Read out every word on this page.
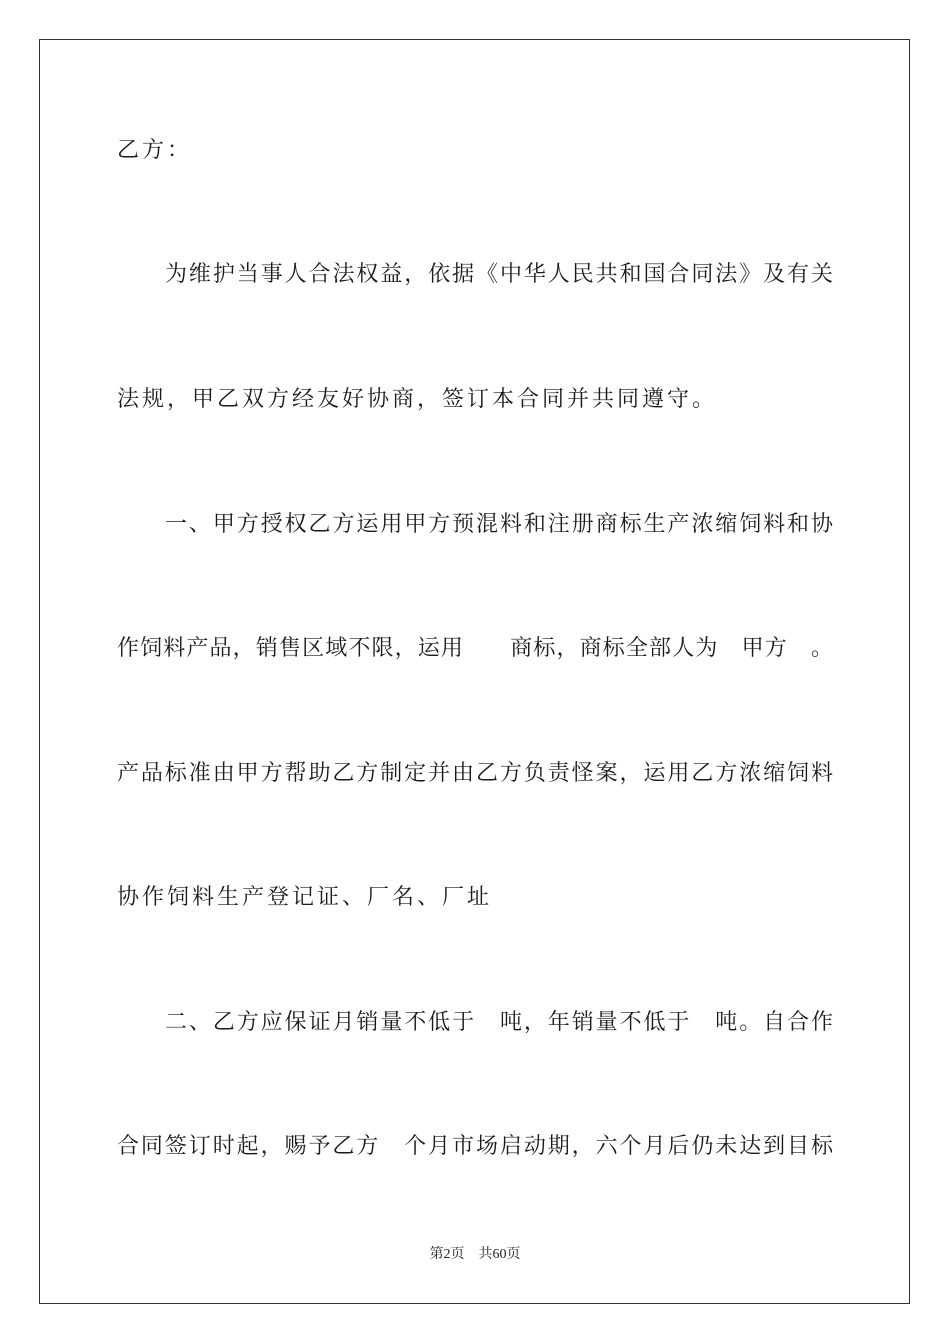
乙方：
为维护当事人合法权益，依据《中华人民共和国合同法》及有关
法规，甲乙双方经友好协商，签订本合同并共同遵守。
一、甲方授权乙方运用甲方预混料和注册商标生产浓缩饲料和协
作饲料产品，销售区域不限，运用　　商标，商标全部人为　甲方　。
产品标准由甲方帮助乙方制定并由乙方负责怪案，运用乙方浓缩饲料
协作饲料生产登记证、厂名、厂址
二、乙方应保证月销量不低于　吨，年销量不低于　吨。自合作
合同签订时起，赐予乙方　个月市场启动期，六个月后仍未达到目标
第2页 共60页
